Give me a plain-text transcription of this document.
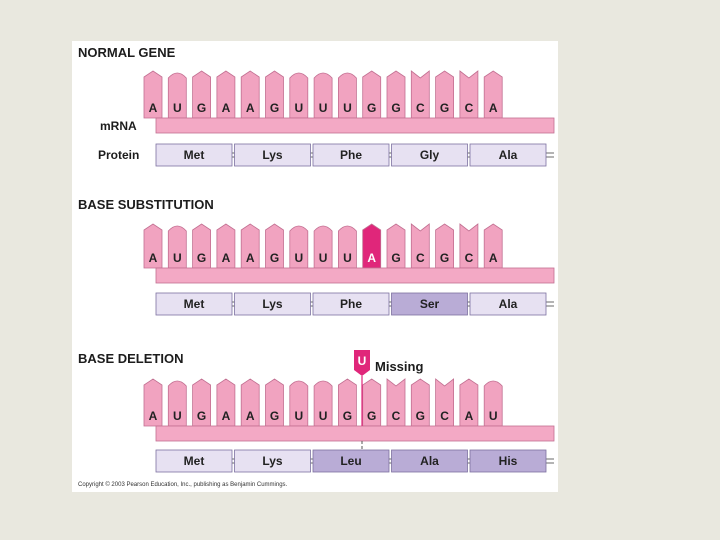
NORMAL GENE
mRNA
Protein
A U G A A G U U U G G C G C A
Met	Lys	Phe	Gly	Ala
BASE SUBSTITUTION
A U G A A G U U U A G C G C A
Met	Lys	Phe	Ser	Ala
BASE DELETION
A U G A A G U U G G C G C A U
Met	Lys	Leu	Ala	His
U Missing
Copyright © 2003 Pearson Education, Inc., publishing as Benjamin Cummings.
